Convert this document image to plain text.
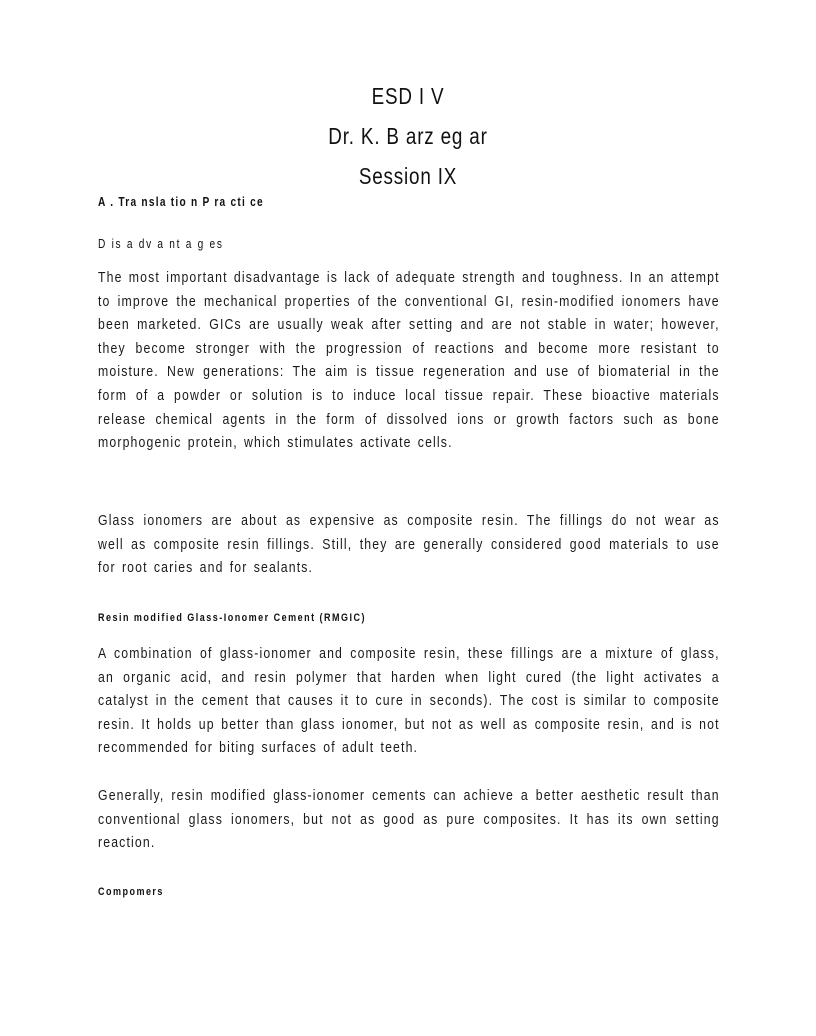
ESD I V
Dr. K. B arz eg ar
Session IX
A . Tra nsla tio n P ra cti ce
D is a dv a nt a g es

The most important disadvantage is lack of adequate strength and toughness. In an attempt to improve the mechanical properties of the conventional GI, resin-modified ionomers have been marketed. GICs are usually weak after setting and are not stable in water; however, they become stronger with the progression of reactions and become more resistant to moisture. New generations: The aim is tissue regeneration and use of biomaterial in the form of a powder or solution is to induce local tissue repair. These bioactive materials release chemical agents in the form of dissolved ions or growth factors such as bone morphogenic protein, which stimulates activate cells.

Glass ionomers are about as expensive as composite resin. The fillings do not wear as well as composite resin fillings. Still, they are generally considered good materials to use for root caries and for sealants.

Resin modified Glass-Ionomer Cement (RMGIC)

A combination of glass-ionomer and composite resin, these fillings are a mixture of glass, an organic acid, and resin polymer that harden when light cured (the light activates a catalyst in the cement that causes it to cure in seconds). The cost is similar to composite resin. It holds up better than glass ionomer, but not as well as composite resin, and is not recommended for biting surfaces of adult teeth.

Generally, resin modified glass-ionomer cements can achieve a better aesthetic result than conventional glass ionomers, but not as good as pure composites. It has its own setting reaction.

Compomers
